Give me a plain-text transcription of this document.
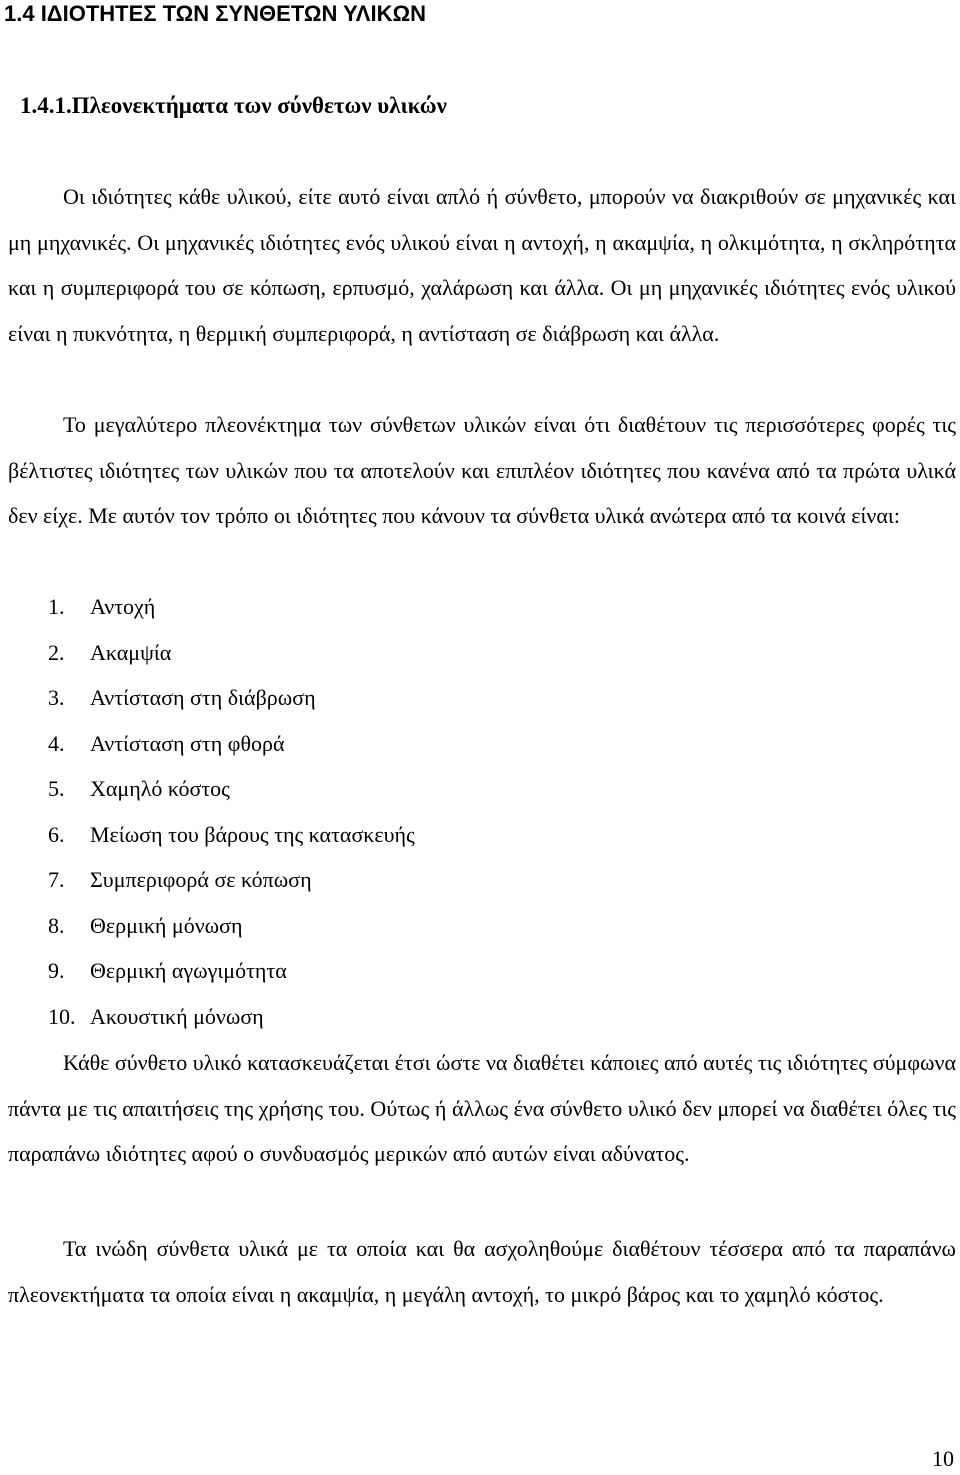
1.4 ΙΔΙΟΤΗΤΕΣ ΤΩΝ ΣΥΝΘΕΤΩΝ ΥΛΙΚΩΝ
1.4.1.Πλεονεκτήματα των σύνθετων υλικών

Οι ιδιότητες κάθε υλικού, είτε αυτό είναι απλό ή σύνθετο, μπορούν να διακριθούν σε μηχανικές και μη μηχανικές. Οι μηχανικές ιδιότητες ενός υλικού είναι η αντοχή, η ακαμψία, η ολκιμότητα, η σκληρότητα και η συμπεριφορά του σε κόπωση, ερπυσμό, χαλάρωση και άλλα. Οι μη μηχανικές ιδιότητες ενός υλικού είναι η πυκνότητα, η θερμική συμπεριφορά, η αντίσταση σε διάβρωση και άλλα.

Το μεγαλύτερο πλεονέκτημα των σύνθετων υλικών είναι ότι διαθέτουν τις περισσότερες φορές τις βέλτιστες ιδιότητες των υλικών που τα αποτελούν και επιπλέον ιδιότητες που κανένα από τα πρώτα υλικά δεν είχε. Με αυτόν τον τρόπο οι ιδιότητες που κάνουν τα σύνθετα υλικά ανώτερα από τα κοινά είναι:

1. Αντοχή
2. Ακαμψία
3. Αντίσταση στη διάβρωση
4. Αντίσταση στη φθορά
5. Χαμηλό κόστος
6. Μείωση του βάρους της κατασκευής
7. Συμπεριφορά σε κόπωση
8. Θερμική μόνωση
9. Θερμική αγωγιμότητα
10. Ακουστική μόνωση

Κάθε σύνθετο υλικό κατασκευάζεται έτσι ώστε να διαθέτει κάποιες από αυτές τις ιδιότητες σύμφωνα πάντα με τις απαιτήσεις της χρήσης του. Ούτως ή άλλως ένα σύνθετο υλικό δεν μπορεί να διαθέτει όλες τις παραπάνω ιδιότητες αφού ο συνδυασμός μερικών από αυτών είναι αδύνατος.

Τα ινώδη σύνθετα υλικά με τα οποία και θα ασχοληθούμε διαθέτουν τέσσερα από τα παραπάνω πλεονεκτήματα τα οποία είναι η ακαμψία, η μεγάλη αντοχή, το μικρό βάρος και το χαμηλό κόστος.

10
